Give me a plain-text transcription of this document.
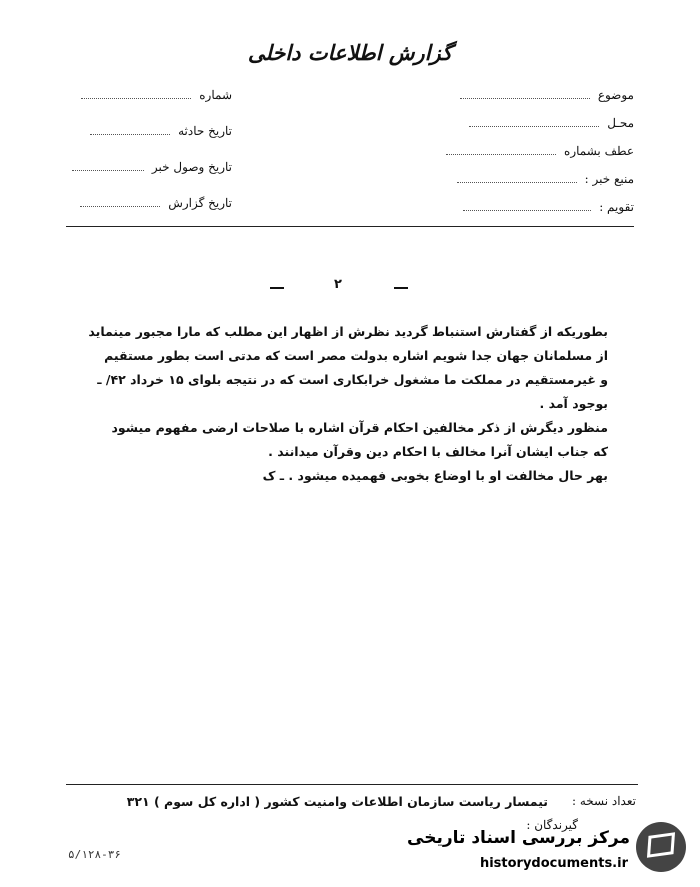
گزارش اطلاعات داخلی
موضوع
محـل
عطف بشماره
منبع خبر :
تقویم :
شماره
تاریخ حادثه
تاریخ وصول خبر
تاریخ گزارش
۲

بطوریکه از گفتارش استنباط گردید نظرش از اظهار این مطلب که مارا مجبور مینماید

از مسلمانان جهان جدا شویم اشاره بدولت مصر است که مدتی است بطور مستقیم

و غیرمستقیم در مملکت ما مشغول خرابکاری است که در نتیجه بلوای ۱۵ خرداد ۴۲/ ـ

بوجود آمد .

منظور دیگرش از ذکر مخالفین احکام قرآن اشاره با صلاحات ارضی مفهوم میشود

که جناب ایشان آنرا مخالف با احکام دین وقرآن میدانند .

بهر حال مخالفت او با اوضاع بخوبی فهمیده میشود . ـ ک

تعداد نسخه :
تیمسار ریاست سازمان اطلاعات وامنیت کشور ( اداره کل سوم ) ۳۲۱
گیرندگان :
۵/۱۲۸-۳۶
مرکز بررسی اسناد تاریخی
historydocuments.ir
